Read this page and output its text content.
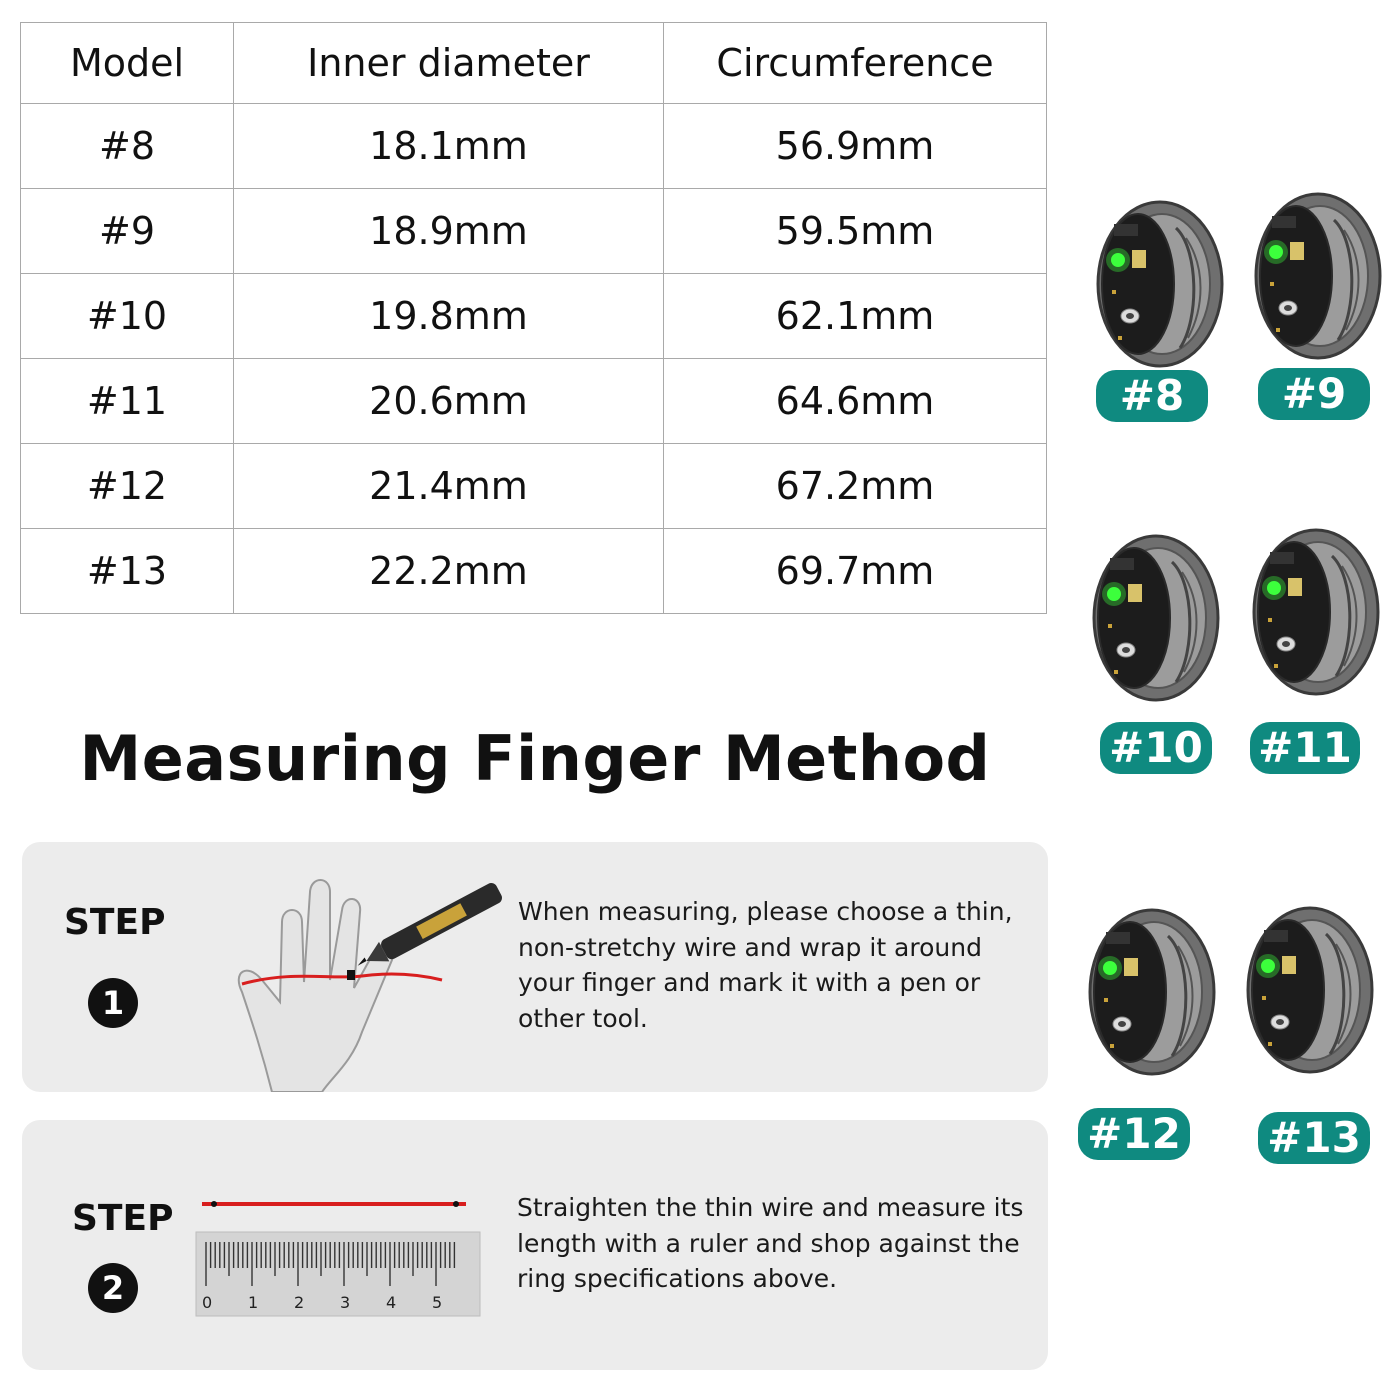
Model	Inner diameter	Circumference
#8	18.1mm	56.9mm
#9	18.9mm	59.5mm
#10	19.8mm	62.1mm
#11	20.6mm	64.6mm
#12	21.4mm	67.2mm
#13	22.2mm	69.7mm
Measuring Finger Method
STEP
1
When measuring, please choose a thin, non-stretchy wire and wrap it around your finger and mark it with a pen or other tool.
STEP
2	0 1 2 3 4 5
Straighten the thin wire and measure its length with a ruler and shop against the ring specifications above.
#8	#9
#10 #11
#12 #13
